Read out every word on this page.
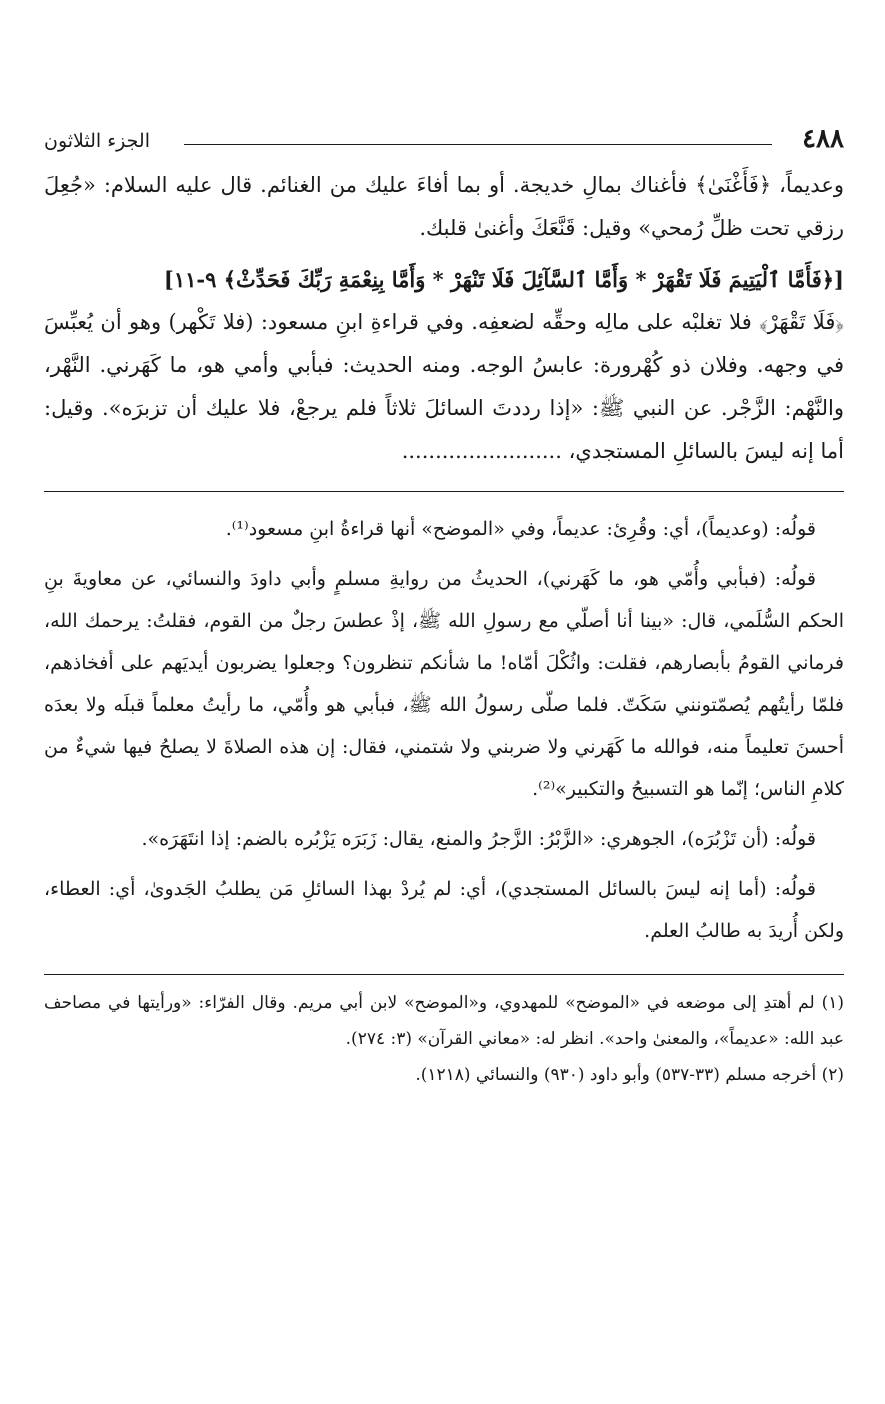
٤٨٨
الجزء الثلاثون

وعديماً، ﴿فَأَغْنَىٰ﴾ فأغناك بمالِ خديجة. أو بما أفاءَ عليك من الغنائم. قال عليه السلام: «جُعِلَ رزقي تحت ظلِّ رُمحي» وقيل: قَنَّعَكَ وأغنىٰ قلبك.

[﴿فَأَمَّا ٱلْيَتِيمَ فَلَا تَقْهَرْ * وَأَمَّا ٱلسَّآئِلَ فَلَا تَنْهَرْ * وَأَمَّا بِنِعْمَةِ رَبِّكَ فَحَدِّثْ﴾ ٩-١١]

﴿فَلَا تَقْهَرْ﴾ فلا تغلبْه على مالِه وحقِّه لضعفِه. وفي قراءةِ ابنِ مسعود: (فلا تَكْهر) وهو أن يُعبِّسَ في وجهه. وفلان ذو كُهْرورة: عابسُ الوجه. ومنه الحديث: فبأبي وأمي هو، ما كَهَرني. النَّهْر، والنَّهْم: الزَّجْر. عن النبي ﷺ: «إذا رددتَ السائلَ ثلاثاً فلم يرجعْ، فلا عليك أن تزبرَه». وقيل: أما إنه ليسَ بالسائلِ المستجدي، ........................

قولُه: (وعديماً)، أي: وقُرِئ: عديماً، وفي «الموضح» أنها قراءةُ ابنِ مسعود⁽¹⁾.

قولُه: (فبأبي وأُمّي هو، ما كَهَرني)، الحديثُ من روايةِ مسلمٍ وأبي داودَ والنسائي، عن معاويةَ بنِ الحكم السُّلَمي، قال: «بينا أنا أصلّي مع رسولِ الله ﷺ، إذْ عطسَ رجلٌ من القوم، فقلتُ: يرحمك الله، فرماني القومُ بأبصارهم، فقلت: واثُكْلَ أمّاه! ما شأنكم تنظرون؟ وجعلوا يضربون أيديَهم على أفخاذهم، فلمّا رأيتُهم يُصمّتونني سَكَتّ. فلما صلّى رسولُ الله ﷺ، فبأبي هو وأُمّي، ما رأيتُ معلماً قبلَه ولا بعدَه أحسنَ تعليماً منه، فوالله ما كَهَرني ولا ضربني ولا شتمني، فقال: إن هذه الصلاةَ لا يصلحُ فيها شيءٌ من كلامِ الناس؛ إنّما هو التسبيحُ والتكبير»⁽²⁾.

قولُه: (أن تَزْبُرَه)، الجوهري: «الزَّبْرُ: الزَّجرُ والمنع، يقال: زَبَرَه يَزْبُره بالضم: إذا انتَهَرَه».

قولُه: (أما إنه ليسَ بالسائل المستجدي)، أي: لم يُردْ بهذا السائلِ مَن يطلبُ الجَدوىٰ، أي: العطاء، ولكن أُريدَ به طالبُ العلم.

(١) لم أهتدِ إلى موضعه في «الموضح» للمهدوي، و«الموضح» لابن أبي مريم. وقال الفرّاء: «ورأيتها في مصاحف عبد الله: «عديماً»، والمعنىٰ واحد». انظر له: «معاني القرآن» (٣: ٢٧٤).

(٢) أخرجه مسلم (٣٣-٥٣٧) وأبو داود (٩٣٠) والنسائي (١٢١٨).
